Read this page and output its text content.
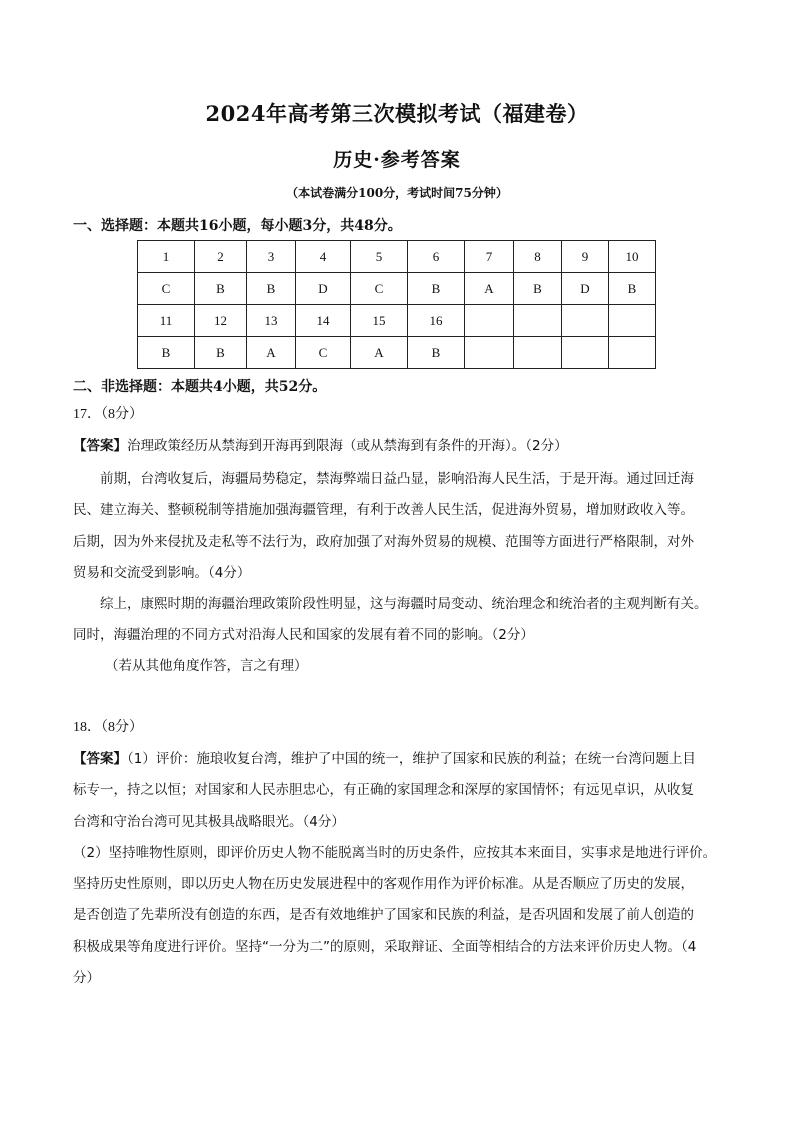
2024年高考第三次模拟考试（福建卷）
历史·参考答案
（本试卷满分100分，考试时间75分钟）
一、选择题：本题共16小题，每小题3分，共48分。
1	2	3	4	5	6	7	8	9	10
C	B	B	D	C	B	A	B	D	B
11	12	13	14	15	16				
B	B	A	C	A	B				
二、非选择题：本题共4小题，共52分。
17．（8分）
【答案】治理政策经历从禁海到开海再到限海（或从禁海到有条件的开海）。（2分）
前期，台湾收复后，海疆局势稳定，禁海弊端日益凸显，影响沿海人民生活，于是开海。通过回迁海
民、建立海关、整顿税制等措施加强海疆管理，有利于改善人民生活，促进海外贸易，增加财政收入等。
后期，因为外来侵扰及走私等不法行为，政府加强了对海外贸易的规模、范围等方面进行严格限制，对外
贸易和交流受到影响。（4分）
综上，康熙时期的海疆治理政策阶段性明显，这与海疆时局变动、统治理念和统治者的主观判断有关。
同时，海疆治理的不同方式对沿海人民和国家的发展有着不同的影响。（2分）
（若从其他角度作答，言之有理）
18．（8分）
【答案】（1）评价：施琅收复台湾，维护了中国的统一，维护了国家和民族的利益；在统一台湾问题上目
标专一，持之以恒；对国家和人民赤胆忠心，有正确的家国理念和深厚的家国情怀；有远见卓识，从收复
台湾和守治台湾可见其极具战略眼光。（4分）
（2）坚持唯物性原则，即评价历史人物不能脱离当时的历史条件，应按其本来面目，实事求是地进行评价。
坚持历史性原则，即以历史人物在历史发展进程中的客观作用作为评价标准。从是否顺应了历史的发展，
是否创造了先辈所没有创造的东西，是否有效地维护了国家和民族的利益，是否巩固和发展了前人创造的
积极成果等角度进行评价。坚持“一分为二”的原则，采取辩证、全面等相结合的方法来评价历史人物。（4
分）
